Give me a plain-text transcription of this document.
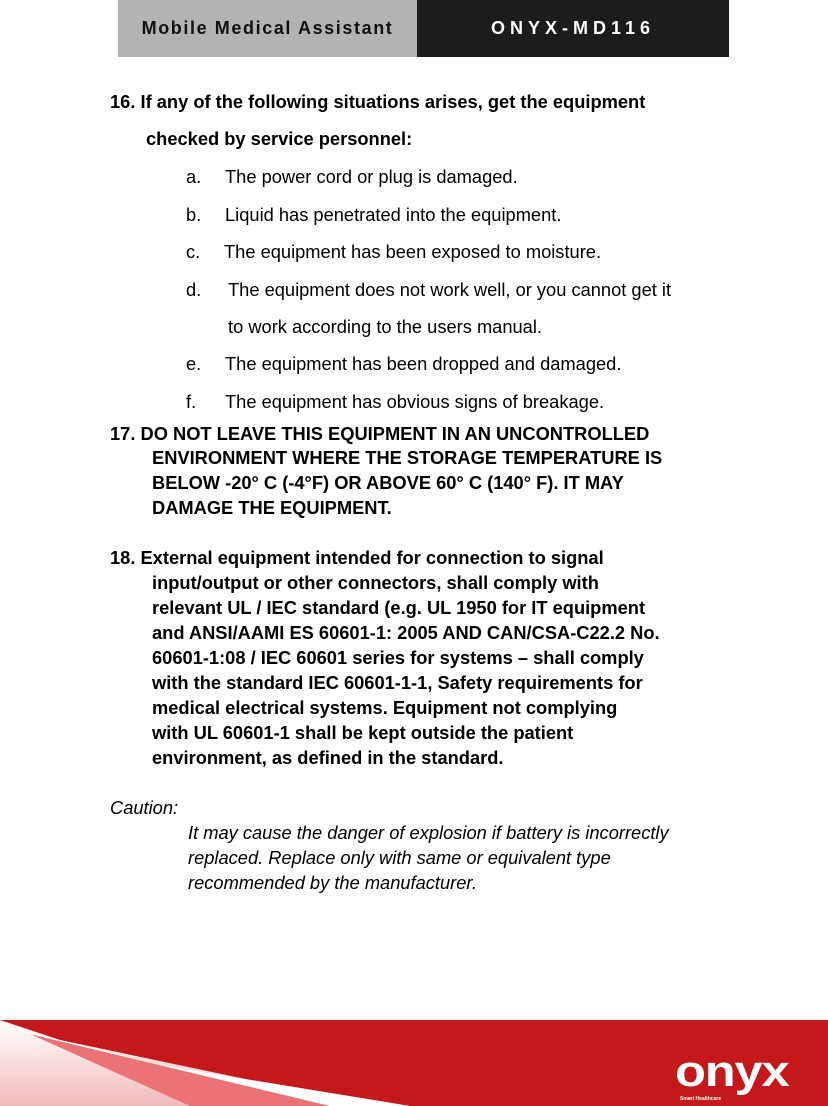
Mobile Medical Assistant	ONYX-MD116
16. If any of the following situations arises, get the equipment
checked by service personnel:
a. The power cord or plug is damaged.
b. Liquid has penetrated into the equipment.
c. The equipment has been exposed to moisture.
d. The equipment does not work well, or you cannot get it
to work according to the users manual.
e. The equipment has been dropped and damaged.
f. The equipment has obvious signs of breakage.
17. DO NOT LEAVE THIS EQUIPMENT IN AN UNCONTROLLED
ENVIRONMENT WHERE THE STORAGE TEMPERATURE IS
BELOW -20° C (-4°F) OR ABOVE 60° C (140° F). IT MAY
DAMAGE THE EQUIPMENT.
18. External equipment intended for connection to signal
input/output or other connectors, shall comply with
relevant UL / IEC standard (e.g. UL 1950 for IT equipment
and ANSI/AAMI ES 60601-1: 2005 AND CAN/CSA-C22.2 No.
60601-1:08 / IEC 60601 series for systems – shall comply
with the standard IEC 60601-1-1, Safety requirements for
medical electrical systems. Equipment not complying
with UL 60601-1 shall be kept outside the patient
environment, as defined in the standard.
Caution:
It may cause the danger of explosion if battery is incorrectly
replaced. Replace only with same or equivalent type
recommended by the manufacturer.
onyx
Smart Healthcare
